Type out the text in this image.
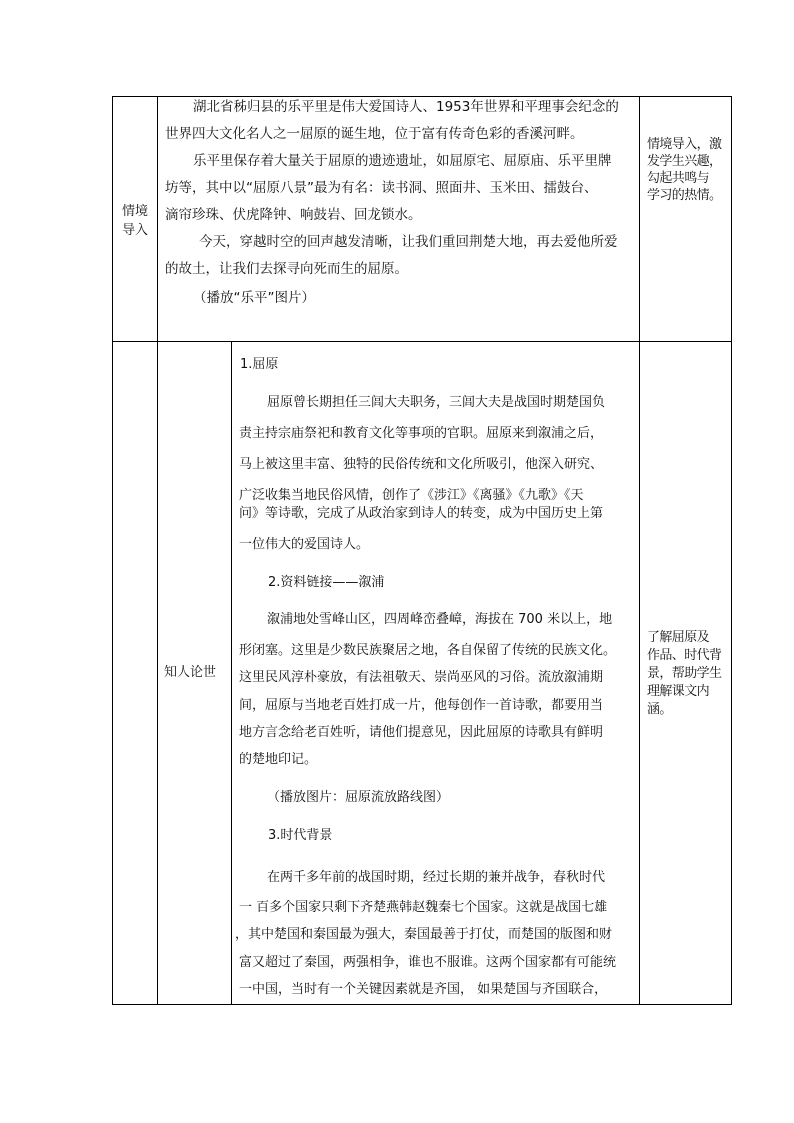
情境
导入
湖北省秭归县的乐平里是伟大爱国诗人、1953年世界和平理事会纪念的
世界四大文化名人之一屈原的诞生地，位于富有传奇色彩的香溪河畔。
乐平里保存着大量关于屈原的遗迹遗址，如屈原宅、屈原庙、乐平里牌
坊等，其中以“屈原八景”最为有名：读书洞、照面井、玉米田、擂鼓台、
滴帘珍珠、伏虎降钟、响鼓岩、回龙锁水。
今天，穿越时空的回声越发清晰，让我们重回荆楚大地，再去爱他所爱
的故土，让我们去探寻向死而生的屈原。
（播放“乐平”图片）
情境导入，激
发学生兴趣，
勾起共鸣与
学习的热情。
知人论世
1.屈原
屈原曾长期担任三闾大夫职务，三闾大夫是战国时期楚国负
责主持宗庙祭祀和教育文化等事项的官职。屈原来到溆浦之后，
马上被这里丰富、独特的民俗传统和文化所吸引，他深入研究、
广泛收集当地民俗风情，创作了《涉江》《离骚》《九歌》《天
问》等诗歌，完成了从政治家到诗人的转变，成为中国历史上第
一位伟大的爱国诗人。
2.资料链接——溆浦
溆浦地处雪峰山区，四周峰峦叠嶂，海拔在 700 米以上，地
形闭塞。这里是少数民族聚居之地，各自保留了传统的民族文化。
这里民风淳朴豪放，有法祖敬天、崇尚巫风的习俗。流放溆浦期
间，屈原与当地老百姓打成一片，他每创作一首诗歌，都要用当
地方言念给老百姓听，请他们提意见，因此屈原的诗歌具有鲜明
的楚地印记。
（播放图片：屈原流放路线图）
3.时代背景
在两千多年前的战国时期，经过长期的兼并战争，春秋时代
一 百多个国家只剩下齐楚燕韩赵魏秦七个国家。这就是战国七雄
，其中楚国和秦国最为强大，秦国最善于打仗，而楚国的版图和财
富又超过了秦国，两强相争，谁也不服谁。这两个国家都有可能统
一中国，当时有一个关键因素就是齐国， 如果楚国与齐国联合，
了解屈原及
作品、时代背
景，帮助学生
理解课文内
涵。
